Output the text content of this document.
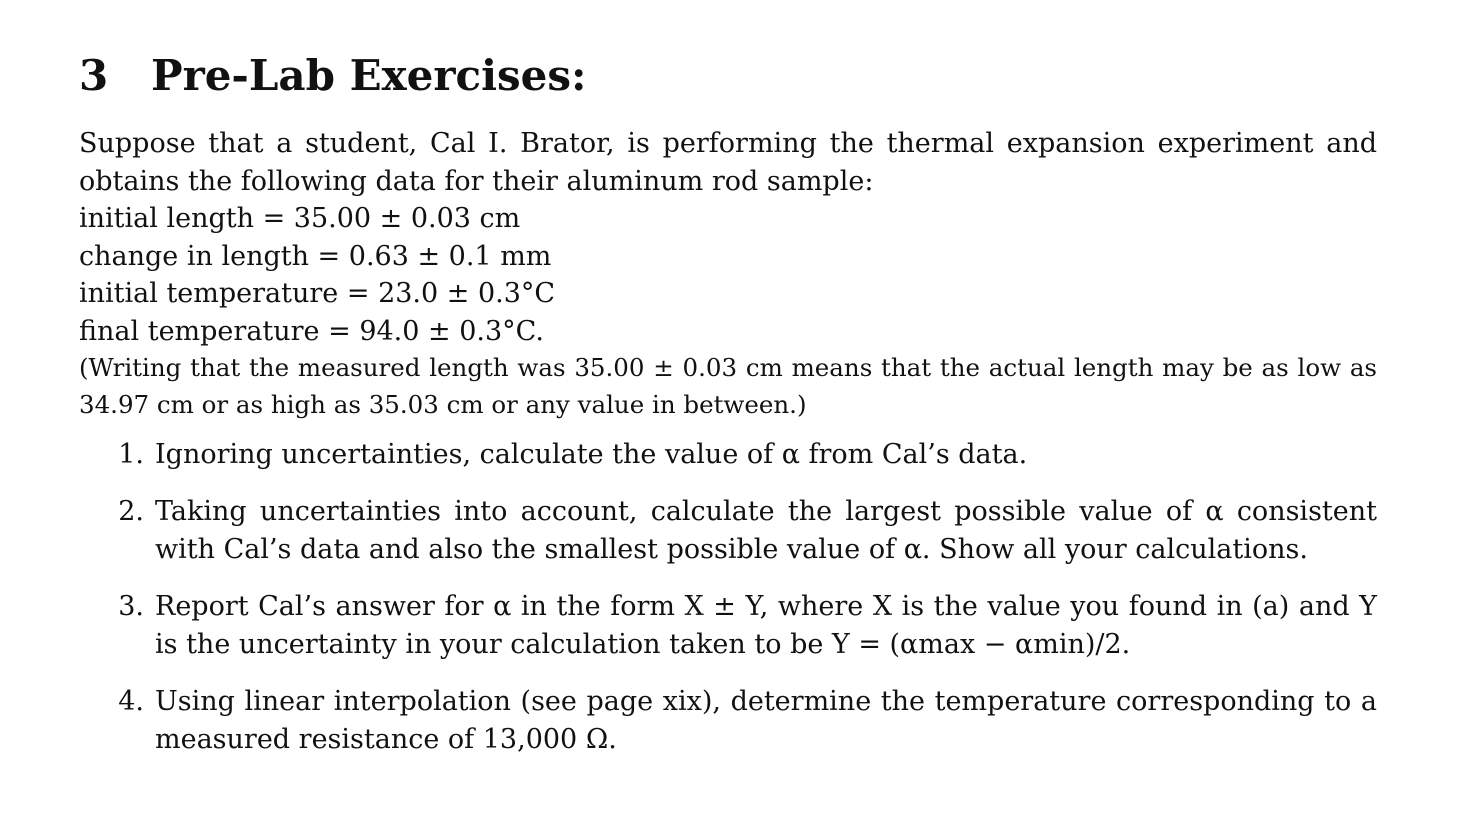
3	Pre-Lab Exercises:

Suppose that a student, Cal I. Brator, is performing the thermal expansion experiment and obtains the following data for their aluminum rod sample:

initial length = 35.00 ± 0.03 cm

change in length = 0.63 ± 0.1 mm

initial temperature = 23.0 ± 0.3°C

final temperature = 94.0 ± 0.3°C.

(Writing that the measured length was 35.00 ± 0.03 cm means that the actual length may be as low as 34.97 cm or as high as 35.03 cm or any value in between.)

1. Ignoring uncertainties, calculate the value of α from Cal’s data.
2. Taking uncertainties into account, calculate the largest possible value of α consistent with Cal’s data and also the smallest possible value of α. Show all your calculations.
3. Report Cal’s answer for α in the form X ± Y, where X is the value you found in (a) and Y is the uncertainty in your calculation taken to be Y = (αmax − αmin)/2.
4. Using linear interpolation (see page xix), determine the temperature corresponding to a measured resistance of 13,000 Ω.
